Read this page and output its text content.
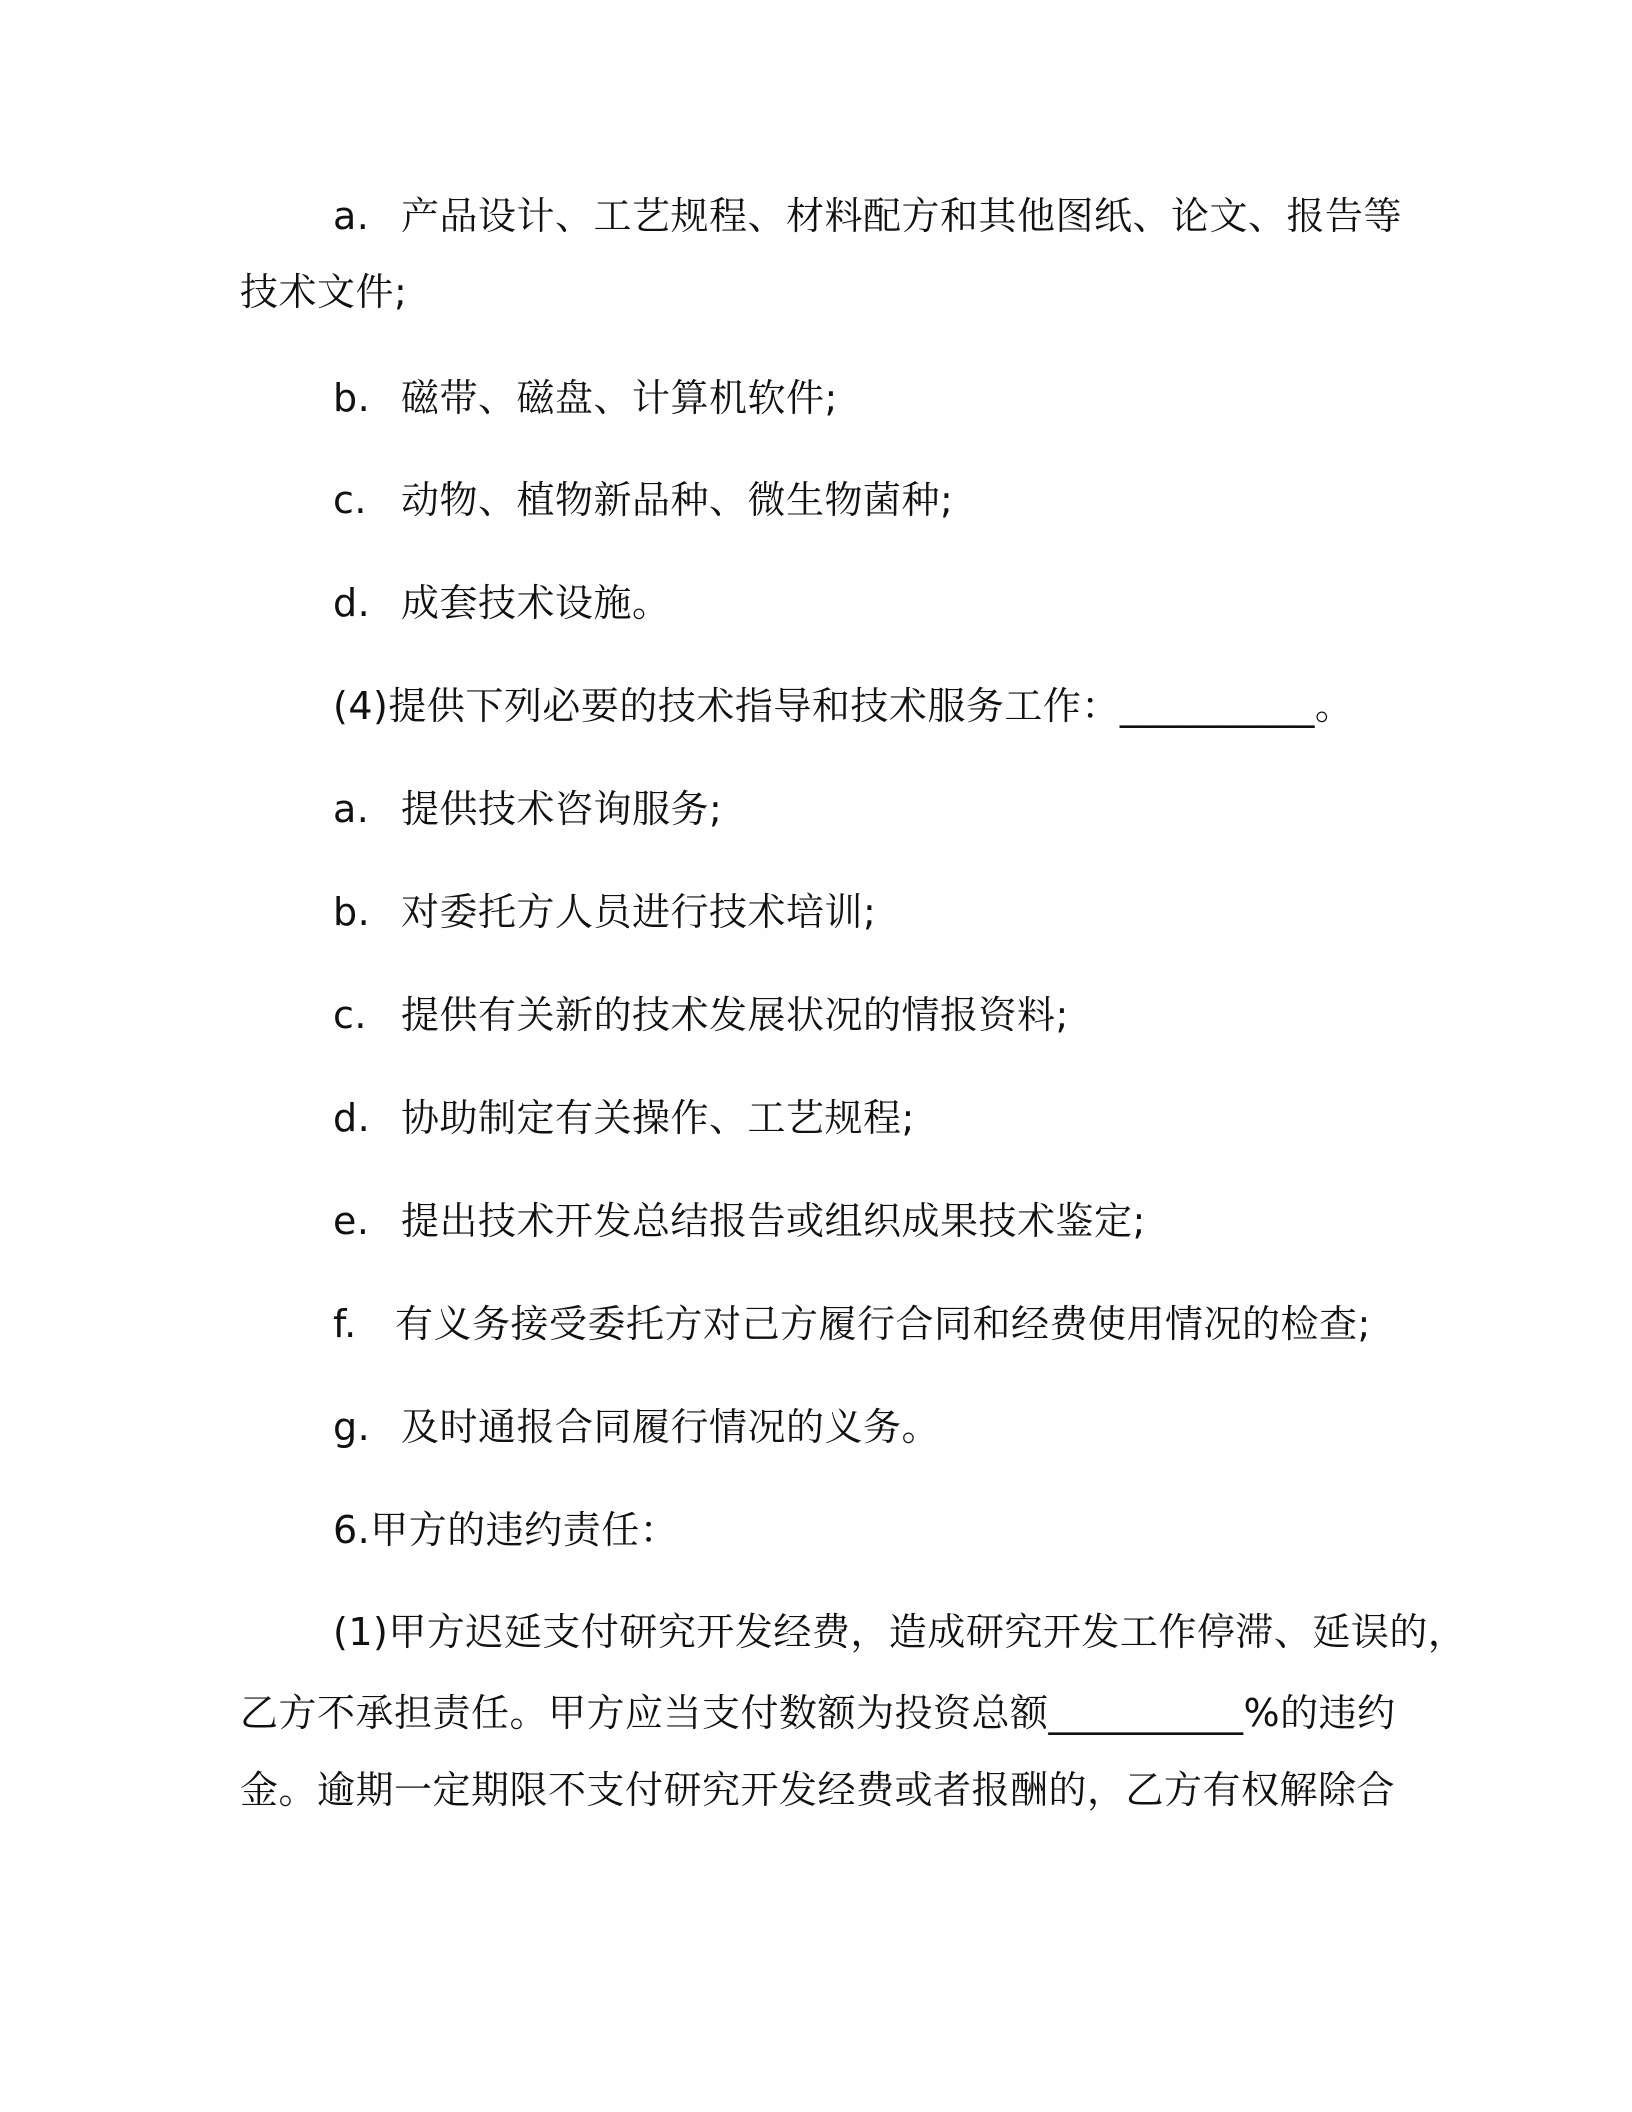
a. 产品设计、工艺规程、材料配方和其他图纸、论文、报告等
技术文件;
b. 磁带、磁盘、计算机软件;
c. 动物、植物新品种、微生物菌种;
d. 成套技术设施。
(4)提供下列必要的技术指导和技术服务工作：__________。
a. 提供技术咨询服务;
b. 对委托方人员进行技术培训;
c. 提供有关新的技术发展状况的情报资料;
d. 协助制定有关操作、工艺规程;
e. 提出技术开发总结报告或组织成果技术鉴定;
f. 有义务接受委托方对己方履行合同和经费使用情况的检查;
g. 及时通报合同履行情况的义务。
6.甲方的违约责任：
(1)甲方迟延支付研究开发经费，造成研究开发工作停滞、延误的，
乙方不承担责任。甲方应当支付数额为投资总额__________%的违约
金。逾期一定期限不支付研究开发经费或者报酬的，乙方有权解除合
